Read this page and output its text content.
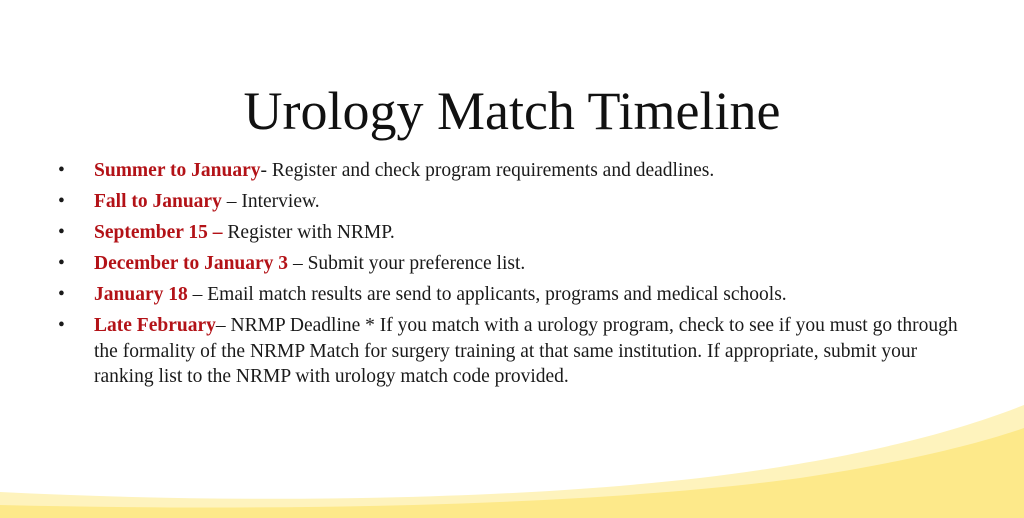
Urology Match Timeline
•	Summer to January- Register and check program requirements and deadlines.
•	Fall to January – Interview.
•	September 15 – Register with NRMP.
•	December to January 3 – Submit your preference list.
•	January 18 – Email match results are send to applicants, programs and medical schools.
•	Late February– NRMP Deadline * If you match with a urology program, check to see if you must go through the formality of the NRMP Match for surgery training at that same institution. If appropriate, submit your ranking list to the NRMP with urology match code provided.
